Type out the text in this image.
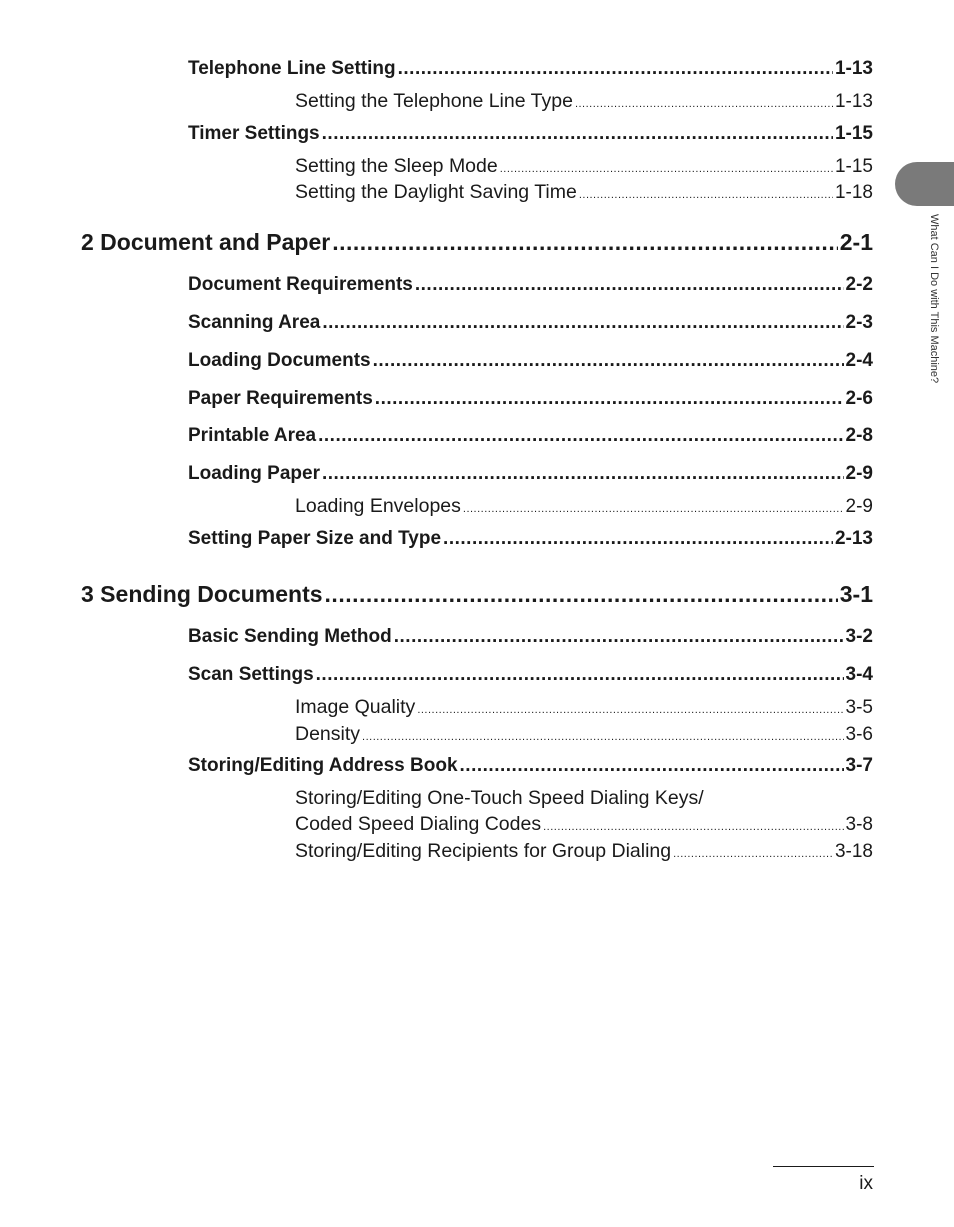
Telephone Line Setting .....	1-13
Setting the Telephone Line Type .....	1-13
Timer Settings .....	1-15
Setting the Sleep Mode .....	1-15
Setting the Daylight Saving Time .....	1-18
2 Document and Paper .....	2-1
Document Requirements .....	2-2
Scanning Area .....	2-3
Loading Documents .....	2-4
Paper Requirements .....	2-6
Printable Area .....	2-8
Loading Paper .....	2-9
Loading Envelopes .....	2-9
Setting Paper Size and Type .....	2-13
3 Sending Documents .....	3-1
Basic Sending Method .....	3-2
Scan Settings .....	3-4
Image Quality .....	3-5
Density .....	3-6
Storing/Editing Address Book .....	3-7
Storing/Editing One-Touch Speed Dialing Keys/
Coded Speed Dialing Codes .....	3-8
Storing/Editing Recipients for Group Dialing .....	3-18
What Can I Do with This Machine?
ix
